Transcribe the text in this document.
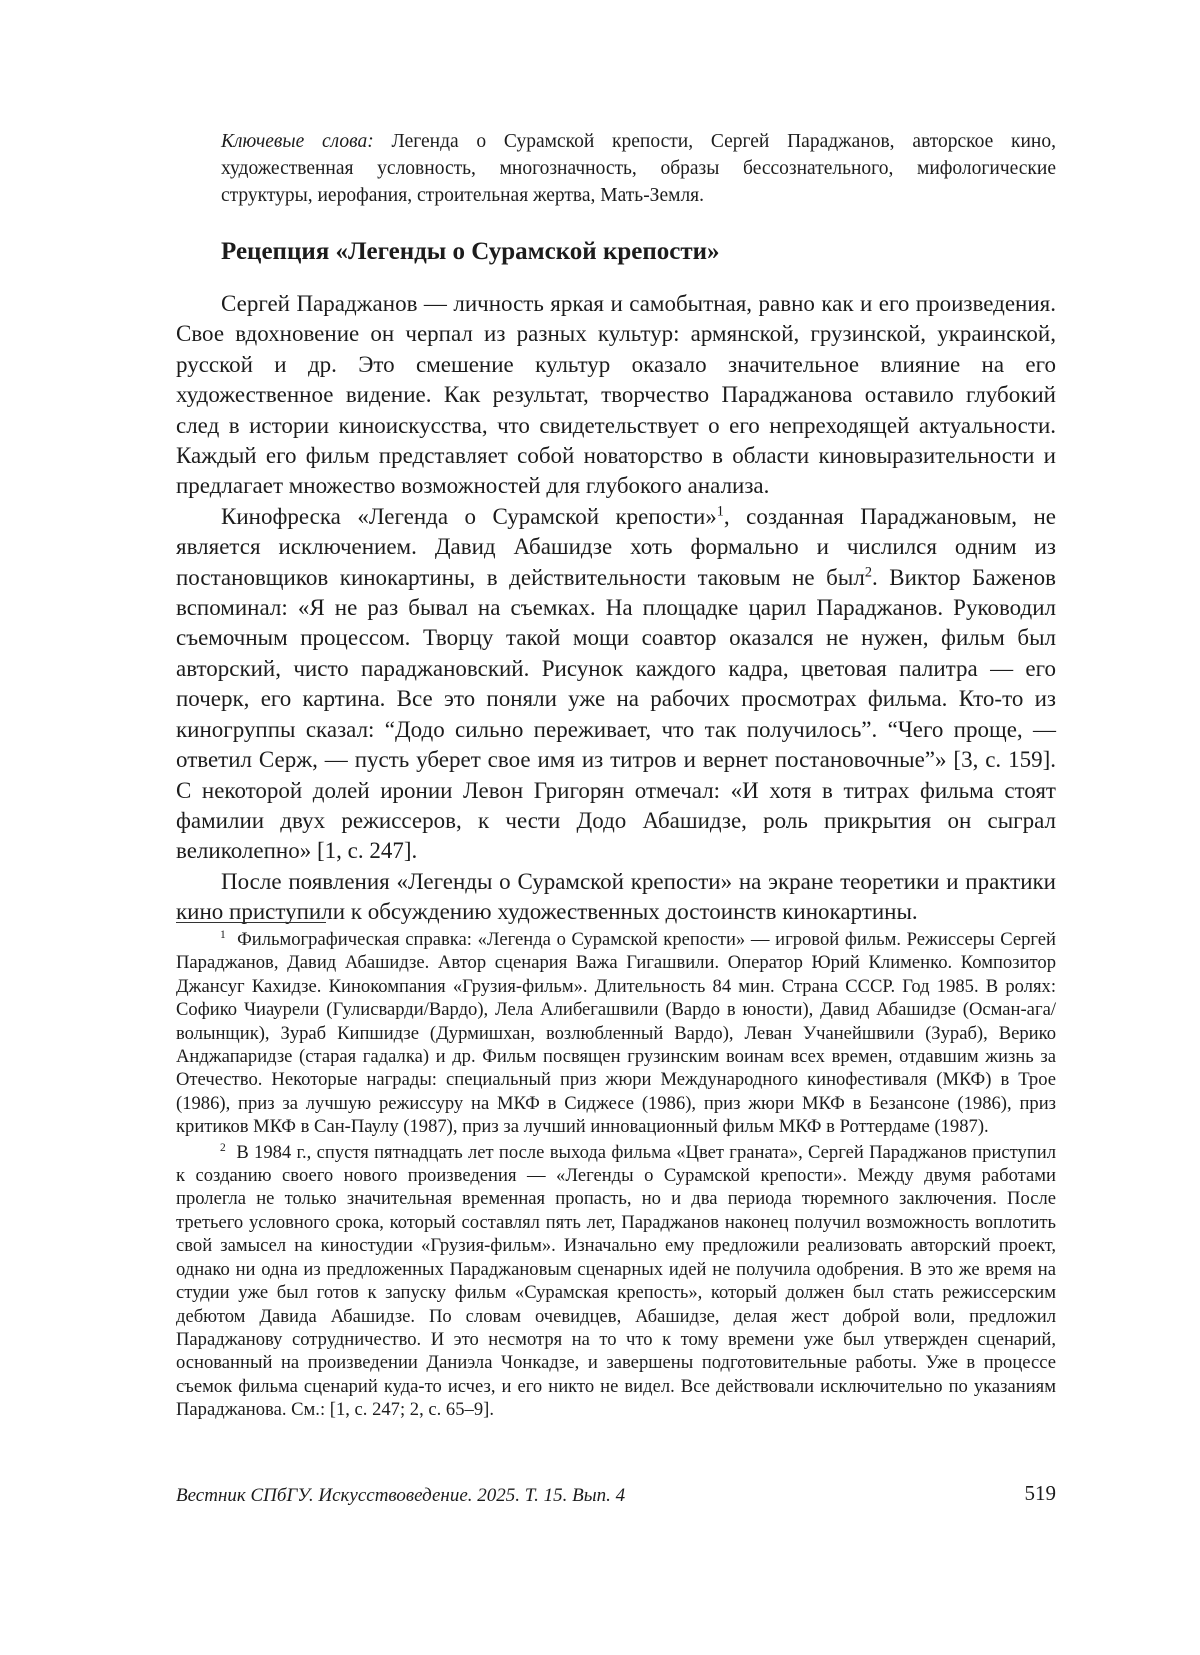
Ключевые слова: Легенда о Сурамской крепости, Сергей Параджанов, авторское кино, художественная условность, многозначность, образы бессознательного, мифологические структуры, иерофания, строительная жертва, Мать-Земля.
Рецепция «Легенды о Сурамской крепости»

Сергей Параджанов — личность яркая и самобытная, равно как и его произведения. Свое вдохновение он черпал из разных культур: армянской, грузинской, украинской, русской и др. Это смешение культур оказало значительное влияние на его художественное видение. Как результат, творчество Параджанова оставило глубокий след в истории киноискусства, что свидетельствует о его непреходящей актуальности. Каждый его фильм представляет собой новаторство в области киновыразительности и предлагает множество возможностей для глубокого анализа.

Кинофреска «Легенда о Сурамской крепости»$^1$, созданная Параджановым, не является исключением. Давид Абашидзе хоть формально и числился одним из постановщиков кинокартины, в действительности таковым не был$^2$. Виктор Баженов вспоминал: «Я не раз бывал на съемках. На площадке царил Параджанов. Руководил съемочным процессом. Творцу такой мощи соавтор оказался не нужен, фильм был авторский, чисто параджановский. Рисунок каждого кадра, цветовая палитра — его почерк, его картина. Все это поняли уже на рабочих просмотрах фильма. Кто-то из киногруппы сказал: “Додо сильно переживает, что так получилось”. “Чего проще, — ответил Серж, — пусть уберет свое имя из титров и вернет постановочные”» [3, с. 159]. С некоторой долей иронии Левон Григорян отмечал: «И хотя в титрах фильма стоят фамилии двух режиссеров, к чести Додо Абашидзе, роль прикрытия он сыграл великолепно» [1, с. 247].

После появления «Легенды о Сурамской крепости» на экране теоретики и практики кино приступили к обсуждению художественных достоинств кинокартины.

$^1$ Фильмографическая справка: «Легенда о Сурамской крепости» — игровой фильм. Режиссеры Сергей Параджанов, Давид Абашидзе. Автор сценария Важа Гигашвили. Оператор Юрий Клименко. Композитор Джансуг Кахидзе. Кинокомпания «Грузия-фильм». Длительность 84 мин. Страна СССР. Год 1985. В ролях: Софико Чиаурели (Гулисварди/Вардо), Лела Алибегашвили (Вардо в юности), Давид Абашидзе (Осман-ага/волынщик), Зураб Кипшидзе (Дурмишхан, возлюбленный Вардо), Леван Учанейшвили (Зураб), Верико Анджапаридзе (старая гадалка) и др. Фильм посвящен грузинским воинам всех времен, отдавшим жизнь за Отечество. Некоторые награды: специальный приз жюри Международного кинофестиваля (МКФ) в Трое (1986), приз за лучшую режиссуру на МКФ в Сиджесе (1986), приз жюри МКФ в Безансоне (1986), приз критиков МКФ в Сан-Паулу (1987), приз за лучший инновационный фильм МКФ в Роттердаме (1987).

$^2$ В 1984 г., спустя пятнадцать лет после выхода фильма «Цвет граната», Сергей Параджанов приступил к созданию своего нового произведения — «Легенды о Сурамской крепости». Между двумя работами пролегла не только значительная временная пропасть, но и два периода тюремного заключения. После третьего условного срока, который составлял пять лет, Параджанов наконец получил возможность воплотить свой замысел на киностудии «Грузия-фильм». Изначально ему предложили реализовать авторский проект, однако ни одна из предложенных Параджановым сценарных идей не получила одобрения. В это же время на студии уже был готов к запуску фильм «Сурамская крепость», который должен был стать режиссерским дебютом Давида Абашидзе. По словам очевидцев, Абашидзе, делая жест доброй воли, предложил Параджанову сотрудничество. И это несмотря на то что к тому времени уже был утвержден сценарий, основанный на произведении Даниэла Чонкадзе, и завершены подготовительные работы. Уже в процессе съемок фильма сценарий куда-то исчез, и его никто не видел. Все действовали исключительно по указаниям Параджанова. См.: [1, с. 247; 2, с. 65–9].

Вестник СПбГУ. Искусствоведение. 2025. Т. 15. Вып. 4	519
